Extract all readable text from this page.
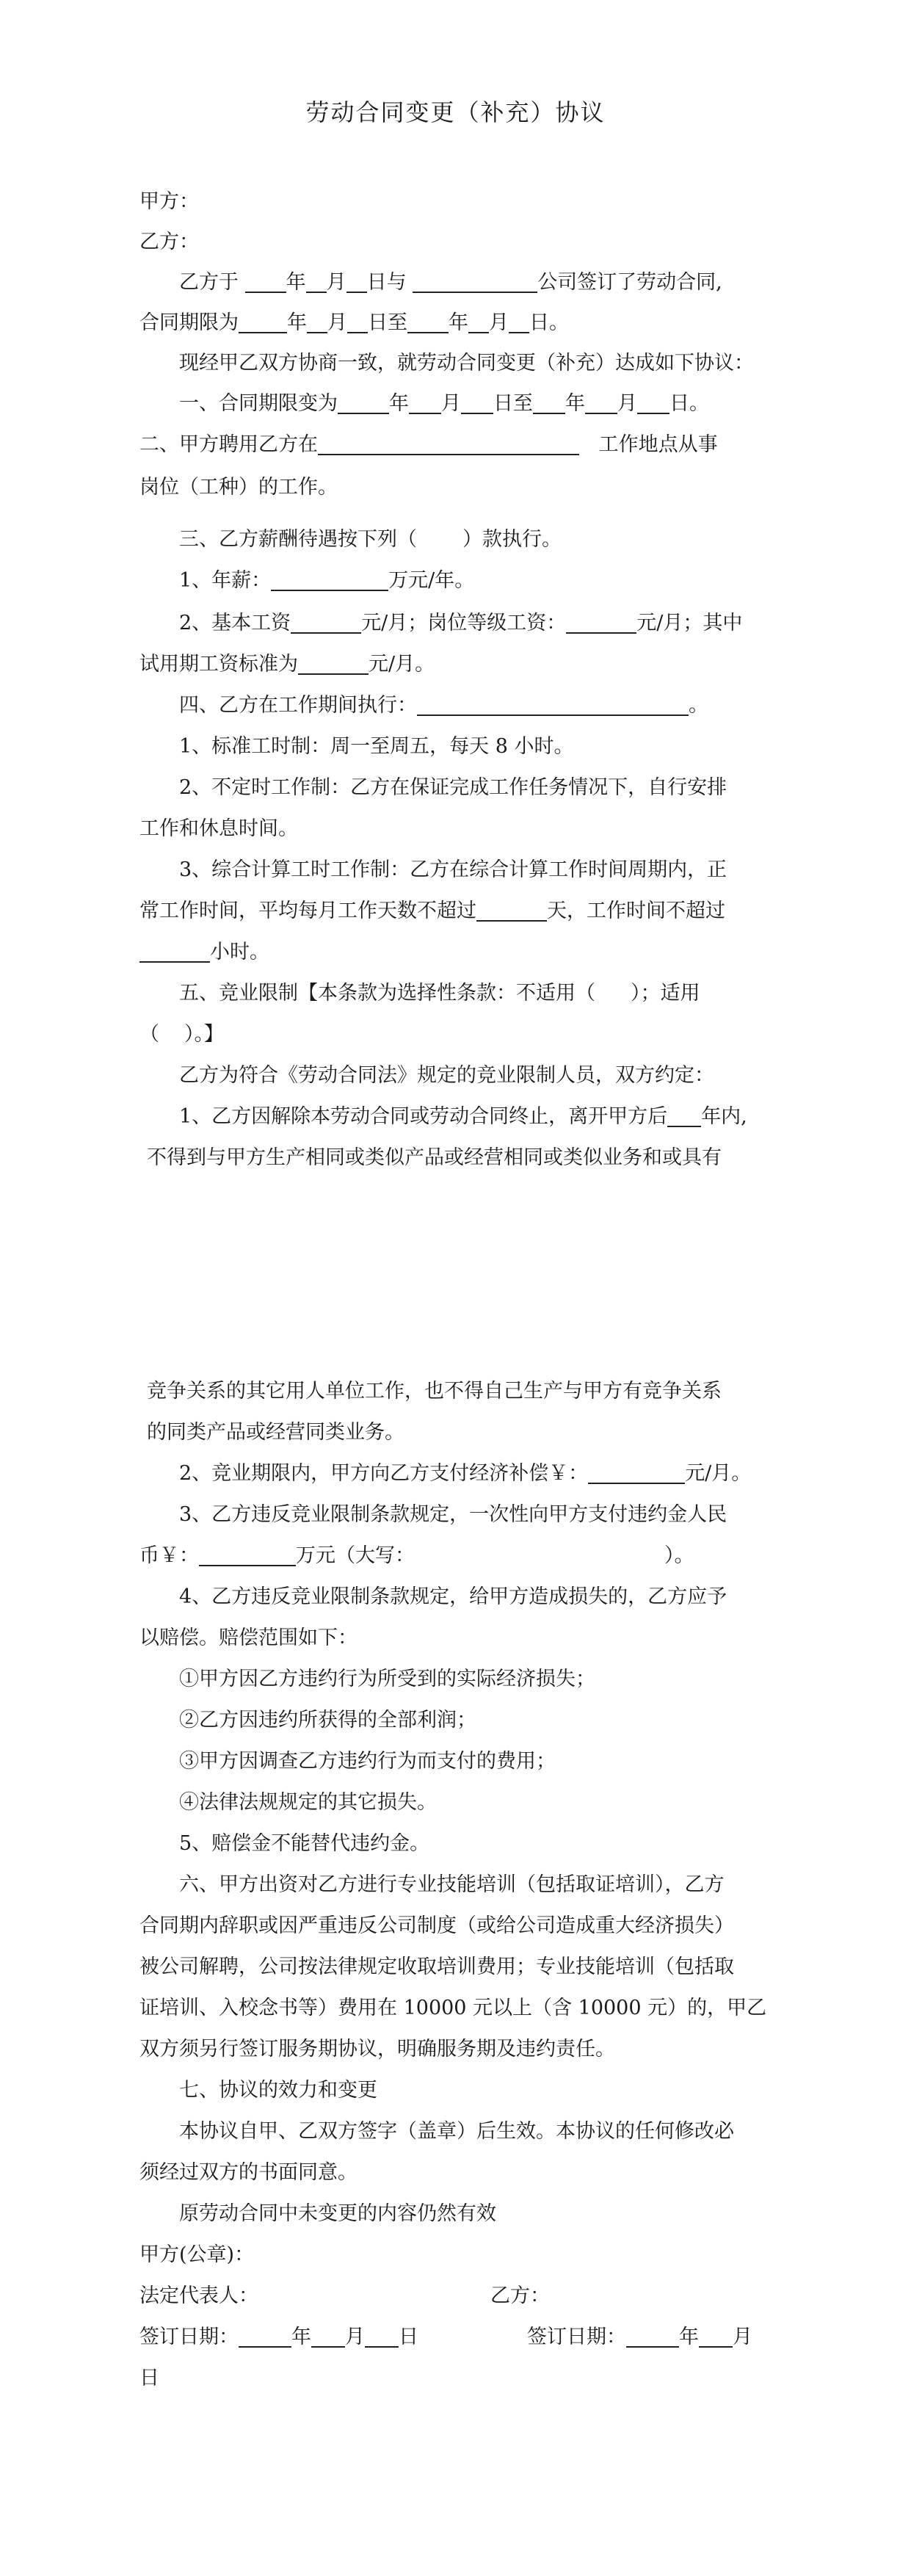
劳动合同变更（补充）协议
甲方：
乙方：
乙方于 年 月 日与	公司签订了劳动合同,
合同期限为 年 月 日至 年 月 日。
现经甲乙双方协商一致，就劳动合同变更（补充）达成如下协议：
一、合同期限变为	年 月 日至 年 月 日。
二、甲方聘用乙方在	工作地点从事
岗位（工种）的工作。
三、乙方薪酬待遇按下列（ ）款执行。
1、年薪：	万元/年。
2、基本工资	元/月；岗位等级工资：	元/月；其中
试用期工资标准为	元/月。
四、乙方在工作期间执行：	。
1、标准工时制：周一至周五，每天 8 小时。
2、不定时工作制：乙方在保证完成工作任务情况下，自行安排
工作和休息时间。
3、综合计算工时工作制：乙方在综合计算工作时间周期内，正
常工作时间，平均每月工作天数不超过	天，工作时间不超过
小时。
五、竞业限制【本条款为选择性条款：不适用（ ）；适用
（ ）。】
乙方为符合《劳动合同法》规定的竞业限制人员，双方约定：
1、乙方因解除本劳动合同或劳动合同终止，离开甲方后 年内,
不得到与甲方生产相同或类似产品或经营相同或类似业务和或具有
竞争关系的其它用人单位工作，也不得自己生产与甲方有竞争关系
的同类产品或经营同类业务。
2、竞业期限内，甲方向乙方支付经济补偿￥：	元/月。
3、乙方违反竞业限制条款规定，一次性向甲方支付违约金人民
币￥：	万元（大写：	）。
4、乙方违反竞业限制条款规定，给甲方造成损失的，乙方应予
以赔偿。赔偿范围如下：
①甲方因乙方违约行为所受到的实际经济损失；
②乙方因违约所获得的全部利润；
③甲方因调查乙方违约行为而支付的费用；
④法律法规规定的其它损失。
5、赔偿金不能替代违约金。
六、甲方出资对乙方进行专业技能培训（包括取证培训），乙方
合同期内辞职或因严重违反公司制度（或给公司造成重大经济损失）
被公司解聘，公司按法律规定收取培训费用；专业技能培训（包括取
证培训、入校念书等）费用在 10000 元以上（含 10000 元）的，甲乙
双方须另行签订服务期协议，明确服务期及违约责任。
七、协议的效力和变更
本协议自甲、乙双方签字（盖章）后生效。本协议的任何修改必
须经过双方的书面同意。
原劳动合同中未变更的内容仍然有效
甲方(公章)：
法定代表人：	乙方：
签订日期：	年 月 日	签订日期：	年 月
日
